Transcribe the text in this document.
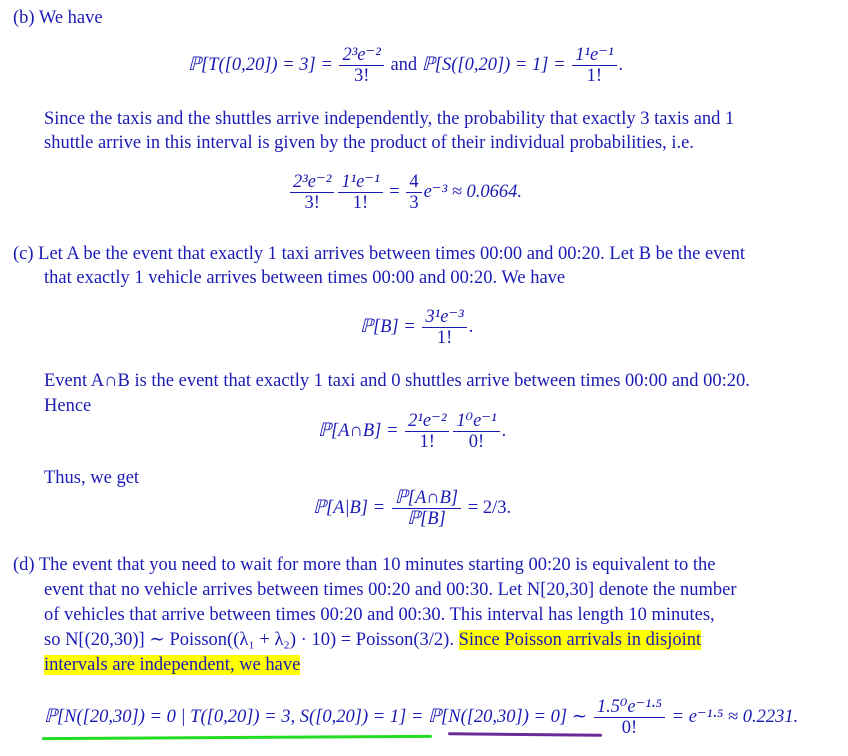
(b) We have
ℙ[T([0,20]) = $3] = \frac{\text{2³e⁻²}}{3!}$ and ℙ[S([0,20]) = $1] = \frac{\text{1¹e⁻¹}}{1!}$ .
Since the taxis and the shuttles arrive independently, the probability that exactly 3 taxis and 1
shuttle arrive in this interval is given by the product of their individual probabilities, i.e.
$\frac{\text{2³e⁻²}}{3!} \frac{\text{1¹e⁻¹}}{1!} = \frac{4}{3} e^{-3} \approx 0.0664$.
(c) Let A be the event that exactly 1 taxi arrives between times 00:00 and 00:20. Let B be the event
that exactly 1 vehicle arrives between times 00:00 and 00:20. We have
ℙ[B] = $\frac{\text{3¹e⁻³}}{1!}$ .
Event A∩B is the event that exactly 1 taxi and 0 shuttles arrive between times 00:00 and 00:20.
Hence
ℙ[A∩B] = $\frac{\text{2¹e⁻²}}{1!} \frac{\text{1⁰e⁻¹}}{0!}$ .
Thus, we get
ℙ[A|B] = $\frac{\text{ℙ[A∩B]}}{\text{ℙ[B]}} = 2/3$.
(d) The event that you need to wait for more than 10 minutes starting 00:20 is equivalent to the
event that no vehicle arrives between times 00:20 and 00:30. Let N[20,30] denote the number
of vehicles that arrive between times 00:20 and 00:30. This interval has length 10 minutes,
so N[(20,30)] ∼ Poisson((λ₁ + λ₂) · 10) = Poisson(3/2). Since Poisson arrivals in disjoint
intervals are independent, we have
ℙ[N([20,30]) = 0 | T([0,20]) = 3, S([0,20]) = 1] = ℙ[N([20,30]) = 0] ∼ $\frac{\text{1.5⁰e⁻¹·⁵}}{0!} = e^{-1}\cdot^5 \approx 0.2231$.
